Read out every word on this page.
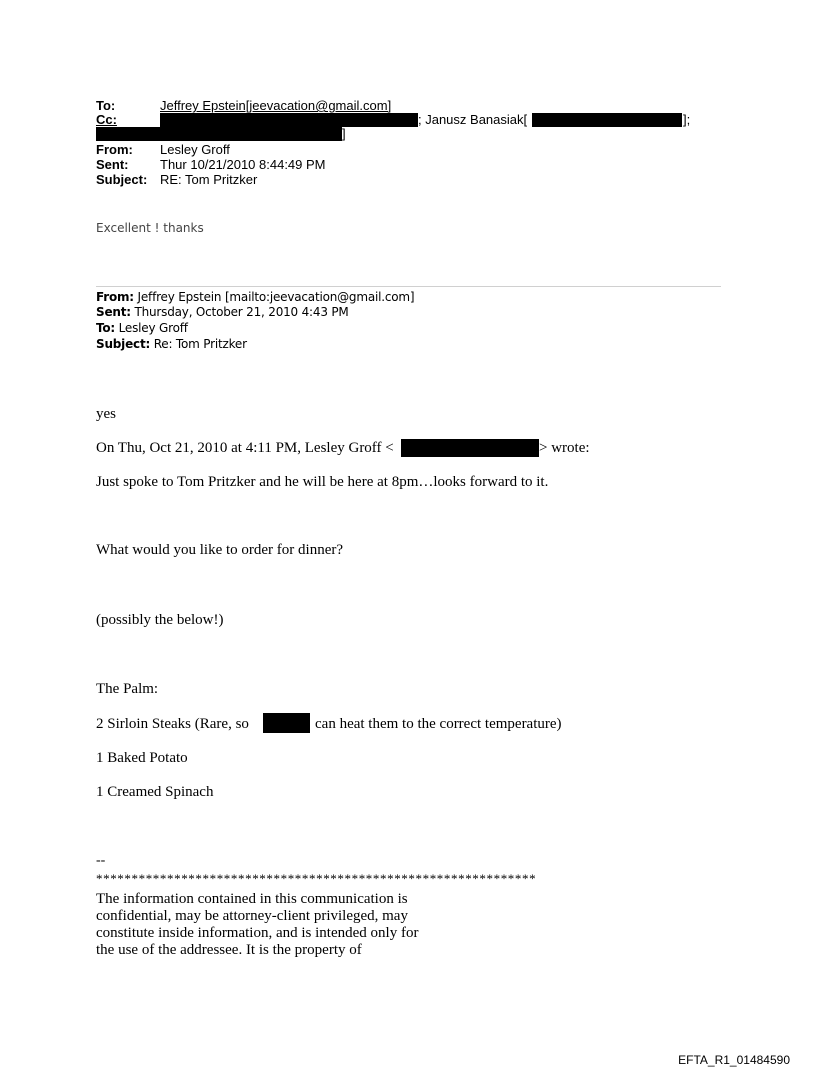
To:	Jeffrey Epstein[jeevacation@gmail.com]
Cc:	; Janusz Banasiak[	];
]
From: Lesley Groff
Sent: Thur 10/21/2010 8:44:49 PM
Subject: RE: Tom Pritzker
Excellent ! thanks
From: Jeffrey Epstein [mailto:jeevacation@gmail.com]
Sent: Thursday, October 21, 2010 4:43 PM
To: Lesley Groff
Subject: Re: Tom Pritzker
yes
On Thu, Oct 21, 2010 at 4:11 PM, Lesley Groff <	> wrote:
Just spoke to Tom Pritzker and he will be here at 8pm…looks forward to it.
What would you like to order for dinner?
(possibly the below!)
The Palm:
2 Sirloin Steaks (Rare, so	can heat them to the correct temperature)
1 Baked Potato
1 Creamed Spinach
--
**************************************************************
The information contained in this communication is
confidential, may be attorney-client privileged, may
constitute inside information, and is intended only for
the use of the addressee. It is the property of
EFTA_R1_01484590
